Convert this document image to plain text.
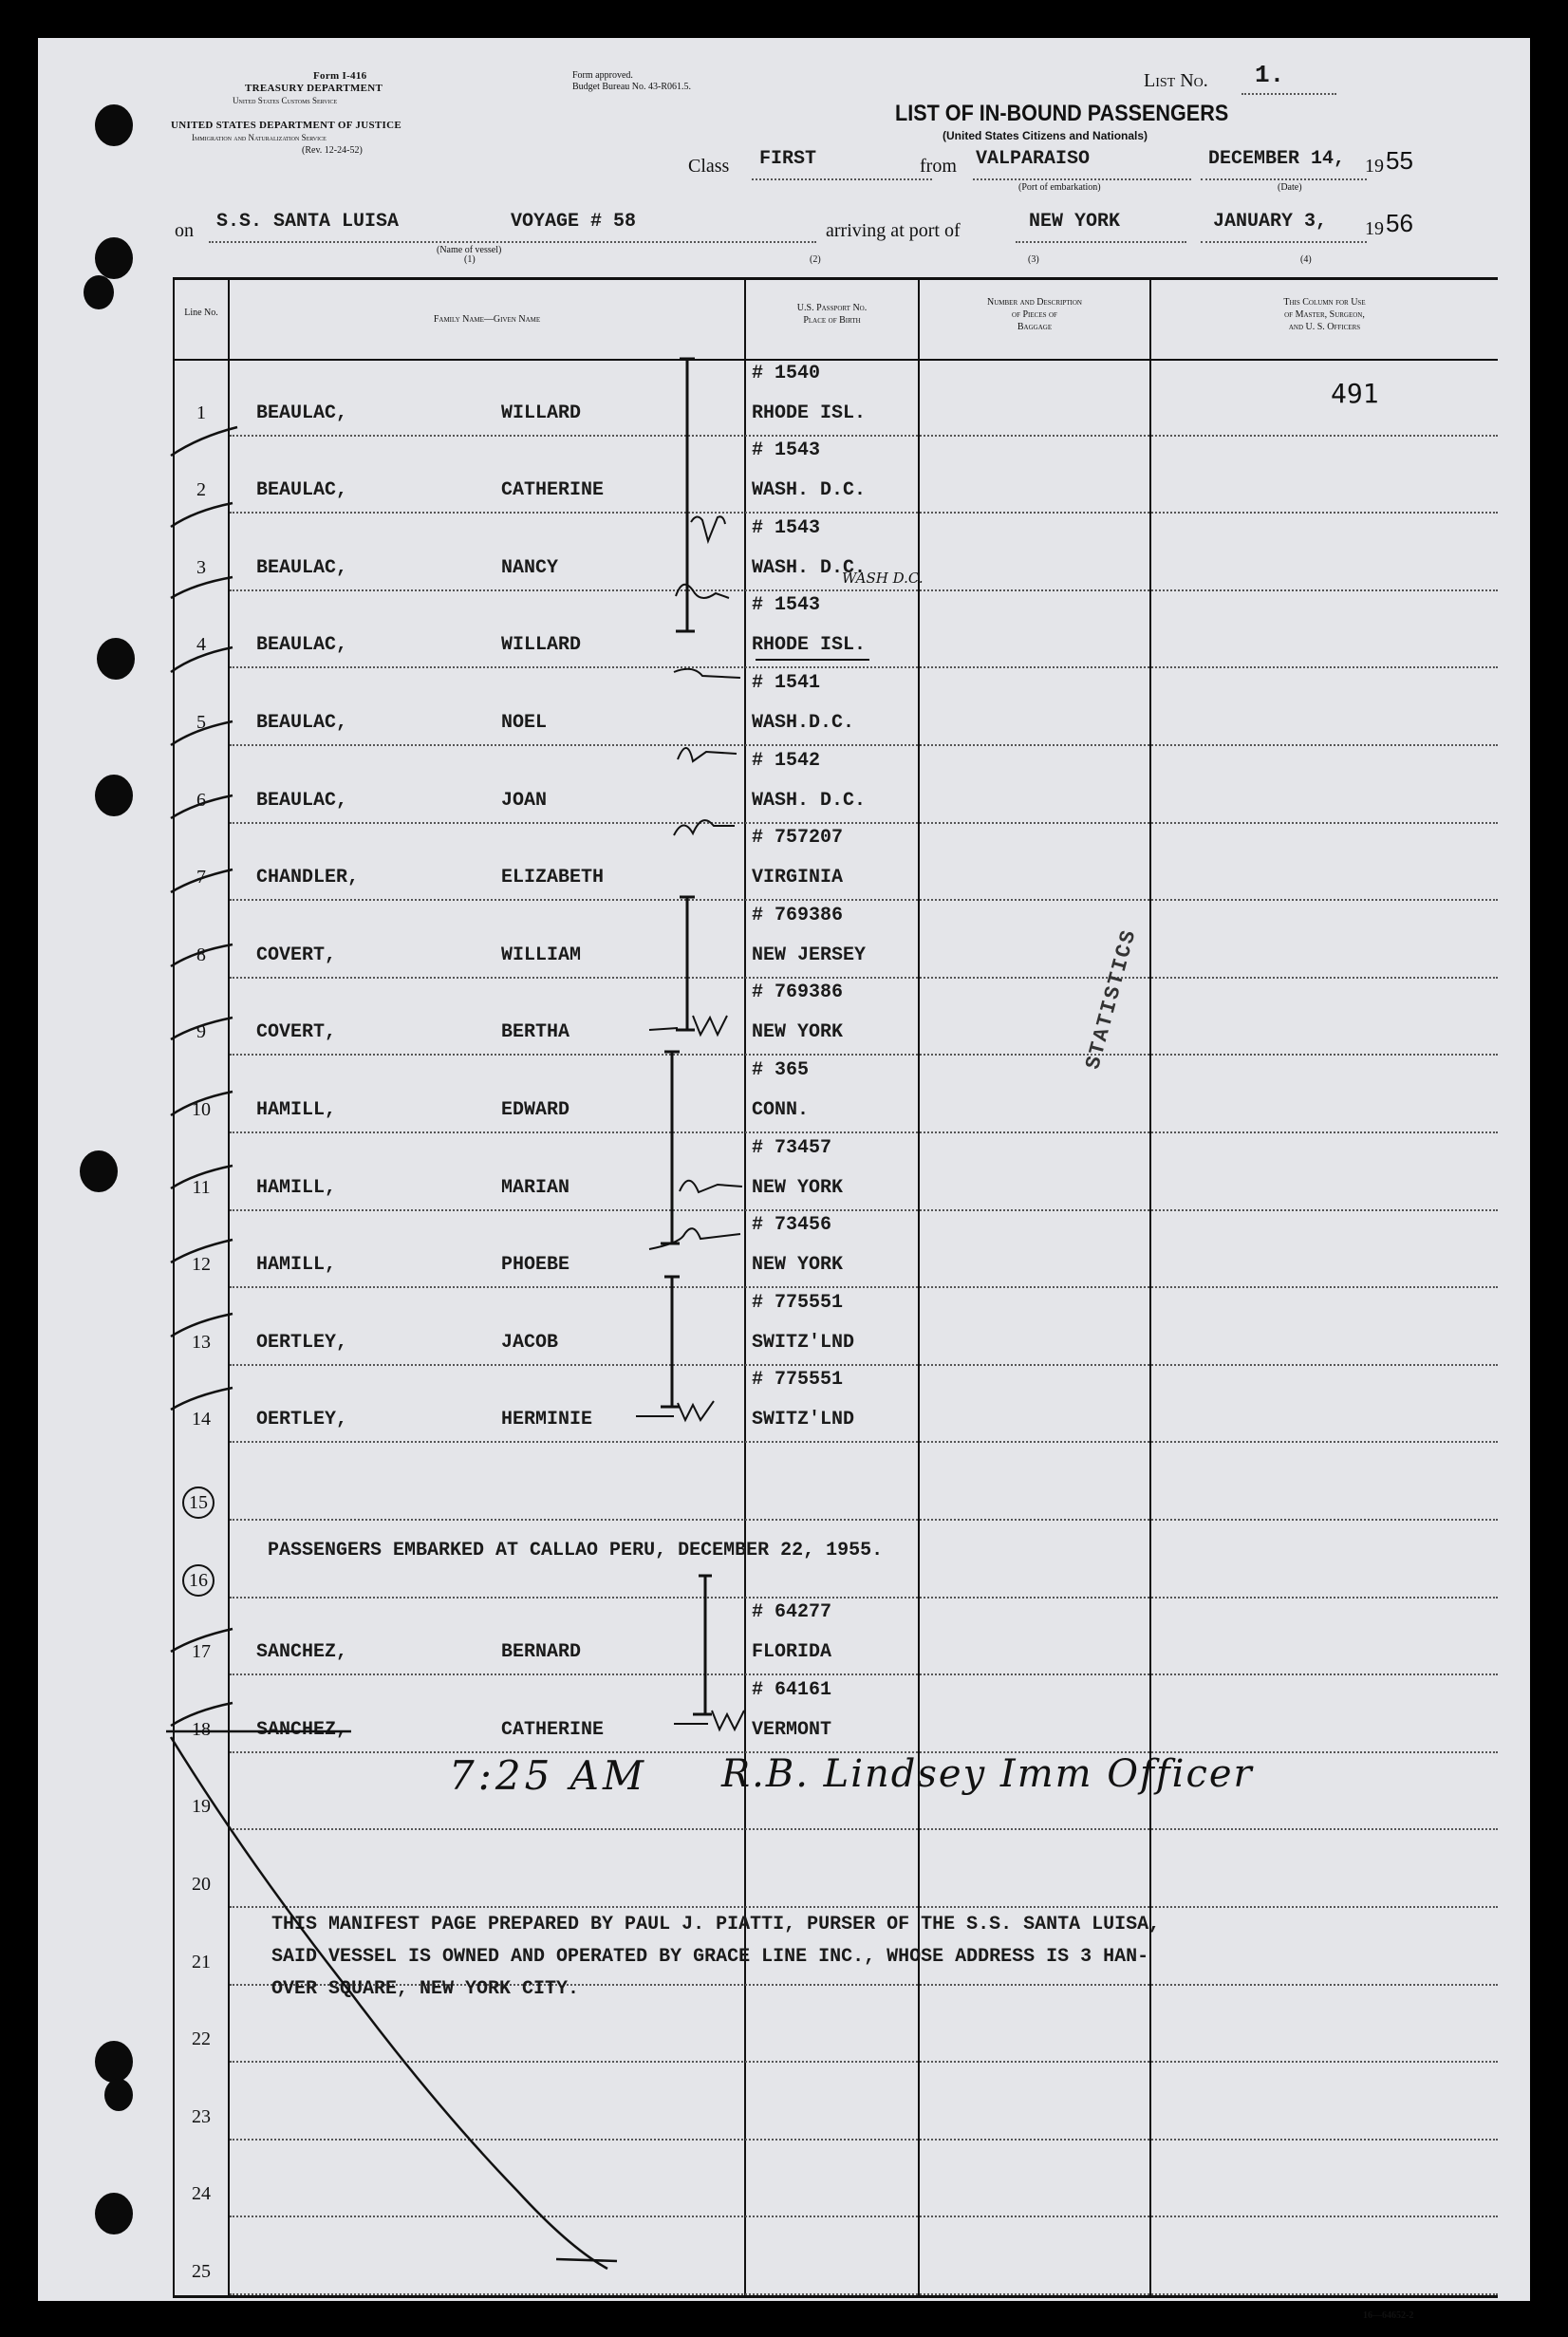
Form I-416
TREASURY DEPARTMENT
United States Customs Service
UNITED STATES DEPARTMENT OF JUSTICE
Immigration and Naturalization Service
(Rev. 12-24-52)
Form approved.
Budget Bureau No. 43-R061.5.	List No. 1.
LIST OF IN-BOUND PASSENGERS
(United States Citizens and Nationals)
Class FIRST	from VALPARAISO
(Port of embarkation)
DECEMBER 14, 19 55
(Date)
on S.S. SANTA LUISA	VOYAGE # 58
(Name of vessel)
arriving at port of	NEW YORK	JANUARY 3, 19 56
(1)	(2)	(3)	(4)
Line No.
Family Name—Given Name
U.S. Passport No.
Place of Birth
Number and Description
of Pieces of
Baggage
This Column for Use
of Master, Surgeon,
and U. S. Officers
1	BEAULAC,	WILLARD
# 1540
RHODE ISL.
2	BEAULAC,	CATHERINE
# 1543
WASH. D.C.
3	BEAULAC,	NANCY
# 1543
WASH. D.C.
4	BEAULAC,	WILLARD
# 1543
RHODE ISL.
5	BEAULAC,	NOEL
# 1541
WASH.D.C.
6	BEAULAC,	JOAN
# 1542
WASH. D.C.
7	CHANDLER,	ELIZABETH
# 757207
VIRGINIA
8	COVERT,	WILLIAM
# 769386
NEW JERSEY
9	COVERT,	BERTHA
# 769386
NEW YORK
10	HAMILL,	EDWARD
# 365
CONN.
11	HAMILL,	MARIAN
# 73457
NEW YORK
12	HAMILL,	PHOEBE
# 73456
NEW YORK
13	OERTLEY,	JACOB
# 775551
SWITZ'LND
14	OERTLEY,	HERMINIE
# 775551
SWITZ'LND
15
16
17	SANCHEZ,	BERNARD
# 64277
FLORIDA
18	SANCHEZ,	CATHERINE
# 64161
VERMONT
19
20
21
22
23
24
25
491
WASH D.C.
STATISTICS
PASSENGERS EMBARKED AT CALLAO PERU, DECEMBER 22, 1955.
7:25 AM R.B. Lindsey Imm Officer
THIS MANIFEST PAGE PREPARED BY PAUL J. PIATTI, PURSER OF THE S.S. SANTA LUISA,
SAID VESSEL IS OWNED AND OPERATED BY GRACE LINE INC., WHOSE ADDRESS IS 3 HAN-
OVER SQUARE, NEW YORK CITY.
16—64652-2
